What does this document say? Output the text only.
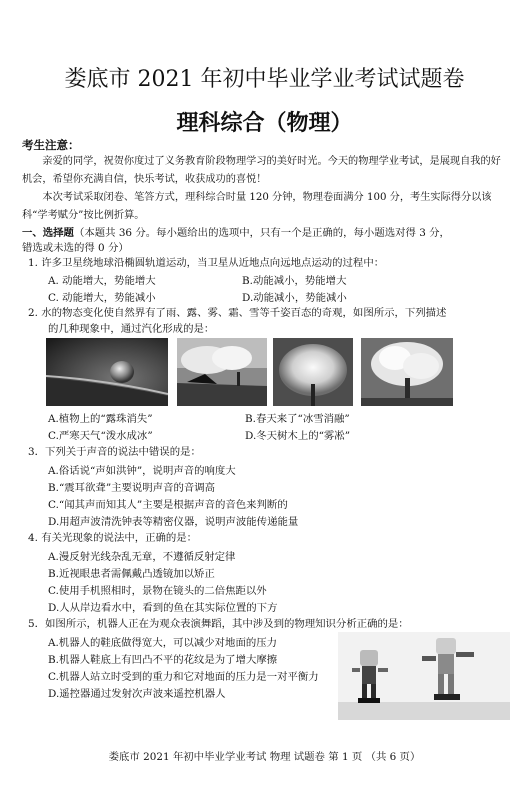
娄底市 2021 年初中毕业学业考试试题卷
理科综合（物理）
考生注意：
亲爱的同学，祝贺你度过了义务教育阶段物理学习的美好时光。今天的物理学业考试，是展现自我的好机会，希望你充满自信，快乐考试，收获成功的喜悦！
本次考试采取闭卷、笔答方式，理科综合时量 120 分钟，物理卷面满分 100 分，考生实际得分以该科“学考赋分”按比例折算。
一、选择题（本题共 36 分。每小题给出的选项中，只有一个是正确的，每小题选对得 3 分，
错选或未选的得 0 分）
1. 许多卫星绕地球沿椭圆轨道运动，当卫星从近地点向远地点运动的过程中：
A. 动能增大，势能增大	B.动能减小，势能增大
C. 动能增大，势能减小	D.动能减小，势能减小
2. 水的物态变化使自然界有了雨、露、雾、霜、雪等千姿百态的奇观，如图所示，下列描述
的几种现象中，通过汽化形成的是：
A.植物上的“露珠消失”	B.春天来了“冰雪消融”
C.严寒天气“泼水成冰”	D.冬天树木上的“雾凇”
3．下列关于声音的说法中错误的是：
A.俗话说“声如洪钟”，说明声音的响度大
B.“震耳欲聋”主要说明声音的音调高
C.“闻其声而知其人”主要是根据声音的音色来判断的
D.用超声波清洗钟表等精密仪器，说明声波能传递能量
4. 有关光现象的说法中，正确的是：
A.漫反射光线杂乱无章，不遵循反射定律
B.近视眼患者需佩戴凸透镜加以矫正
C.使用手机照相时，景物在镜头的二倍焦距以外
D.人从岸边看水中，看到的鱼在其实际位置的下方
5．如图所示，机器人正在为观众表演舞蹈，其中涉及到的物理知识分析正确的是：
A.机器人的鞋底做得宽大，可以减少对地面的压力
B.机器人鞋底上有凹凸不平的花纹是为了增大摩擦
C.机器人站立时受到的重力和它对地面的压力是一对平衡力
D.遥控器通过发射次声波来遥控机器人
娄底市 2021 年初中毕业学业考试 物理 试题卷 第 1 页 （共 6 页）
